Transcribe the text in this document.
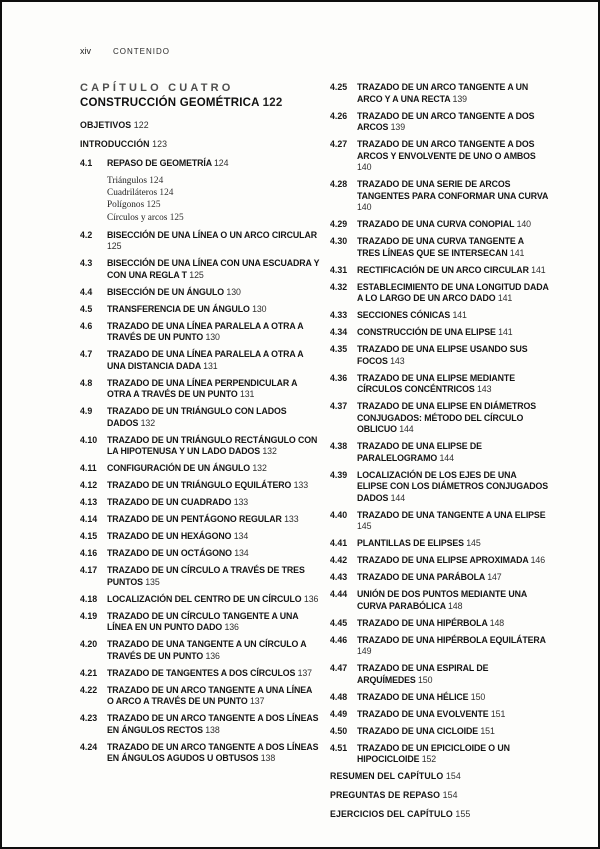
xiv	CONTENIDO
CAPÍTULO CUATRO
CONSTRUCCIÓN GEOMÉTRICA 122
OBJETIVOS 122
INTRODUCCIÓN 123
4.1	REPASO DE GEOMETRÍA 124
Triángulos 124
Cuadriláteros 124
Polígonos 125
Círculos y arcos 125
4.2	BISECCIÓN DE UNA LÍNEA O UN ARCO CIRCULAR 125
4.3	BISECCIÓN DE UNA LÍNEA CON UNA ESCUADRA Y CON UNA REGLA T 125
4.4	BISECCIÓN DE UN ÁNGULO 130
4.5	TRANSFERENCIA DE UN ÁNGULO 130
4.6	TRAZADO DE UNA LÍNEA PARALELA A OTRA A TRAVÉS DE UN PUNTO 130
4.7	TRAZADO DE UNA LÍNEA PARALELA A OTRA A UNA DISTANCIA DADA 131
4.8	TRAZADO DE UNA LÍNEA PERPENDICULAR A OTRA A TRAVÉS DE UN PUNTO 131
4.9	TRAZADO DE UN TRIÁNGULO CON LADOS DADOS 132
4.10	TRAZADO DE UN TRIÁNGULO RECTÁNGULO CON LA HIPOTENUSA Y UN LADO DADOS 132
4.11	CONFIGURACIÓN DE UN ÁNGULO 132
4.12	TRAZADO DE UN TRIÁNGULO EQUILÁTERO 133
4.13	TRAZADO DE UN CUADRADO 133
4.14	TRAZADO DE UN PENTÁGONO REGULAR 133
4.15	TRAZADO DE UN HEXÁGONO 134
4.16	TRAZADO DE UN OCTÁGONO 134
4.17	TRAZADO DE UN CÍRCULO A TRAVÉS DE TRES PUNTOS 135
4.18	LOCALIZACIÓN DEL CENTRO DE UN CÍRCULO 136
4.19	TRAZADO DE UN CÍRCULO TANGENTE A UNA LÍNEA EN UN PUNTO DADO 136
4.20	TRAZADO DE UNA TANGENTE A UN CÍRCULO A TRAVÉS DE UN PUNTO 136
4.21	TRAZADO DE TANGENTES A DOS CÍRCULOS 137
4.22	TRAZADO DE UN ARCO TANGENTE A UNA LÍNEA O ARCO A TRAVÉS DE UN PUNTO 137
4.23	TRAZADO DE UN ARCO TANGENTE A DOS LÍNEAS EN ÁNGULOS RECTOS 138
4.24	TRAZADO DE UN ARCO TANGENTE A DOS LÍNEAS EN ÁNGULOS AGUDOS U OBTUSOS 138
4.25	TRAZADO DE UN ARCO TANGENTE A UN ARCO Y A UNA RECTA 139
4.26	TRAZADO DE UN ARCO TANGENTE A DOS ARCOS 139
4.27	TRAZADO DE UN ARCO TANGENTE A DOS ARCOS Y ENVOLVENTE DE UNO O AMBOS 140
4.28	TRAZADO DE UNA SERIE DE ARCOS TANGENTES PARA CONFORMAR UNA CURVA 140
4.29	TRAZADO DE UNA CURVA CONOPIAL 140
4.30	TRAZADO DE UNA CURVA TANGENTE A TRES LÍNEAS QUE SE INTERSECAN 141
4.31	RECTIFICACIÓN DE UN ARCO CIRCULAR 141
4.32	ESTABLECIMIENTO DE UNA LONGITUD DADA A LO LARGO DE UN ARCO DADO 141
4.33	SECCIONES CÓNICAS 141
4.34	CONSTRUCCIÓN DE UNA ELIPSE 141
4.35	TRAZADO DE UNA ELIPSE USANDO SUS FOCOS 143
4.36	TRAZADO DE UNA ELIPSE MEDIANTE CÍRCULOS CONCÉNTRICOS 143
4.37	TRAZADO DE UNA ELIPSE EN DIÁMETROS CONJUGADOS: MÉTODO DEL CÍRCULO OBLICUO 144
4.38	TRAZADO DE UNA ELIPSE DE PARALELOGRAMO 144
4.39	LOCALIZACIÓN DE LOS EJES DE UNA ELIPSE CON LOS DIÁMETROS CONJUGADOS DADOS 144
4.40	TRAZADO DE UNA TANGENTE A UNA ELIPSE 145
4.41	PLANTILLAS DE ELIPSES 145
4.42	TRAZADO DE UNA ELIPSE APROXIMADA 146
4.43	TRAZADO DE UNA PARÁBOLA 147
4.44	UNIÓN DE DOS PUNTOS MEDIANTE UNA CURVA PARABÓLICA 148
4.45	TRAZADO DE UNA HIPÉRBOLA 148
4.46	TRAZADO DE UNA HIPÉRBOLA EQUILÁTERA 149
4.47	TRAZADO DE UNA ESPIRAL DE ARQUÍMEDES 150
4.48	TRAZADO DE UNA HÉLICE 150
4.49	TRAZADO DE UNA EVOLVENTE 151
4.50	TRAZADO DE UNA CICLOIDE 151
4.51	TRAZADO DE UN EPICICLOIDE O UN HIPOCICLOIDE 152
RESUMEN DEL CAPÍTULO 154
PREGUNTAS DE REPASO 154
EJERCICIOS DEL CAPÍTULO 155
